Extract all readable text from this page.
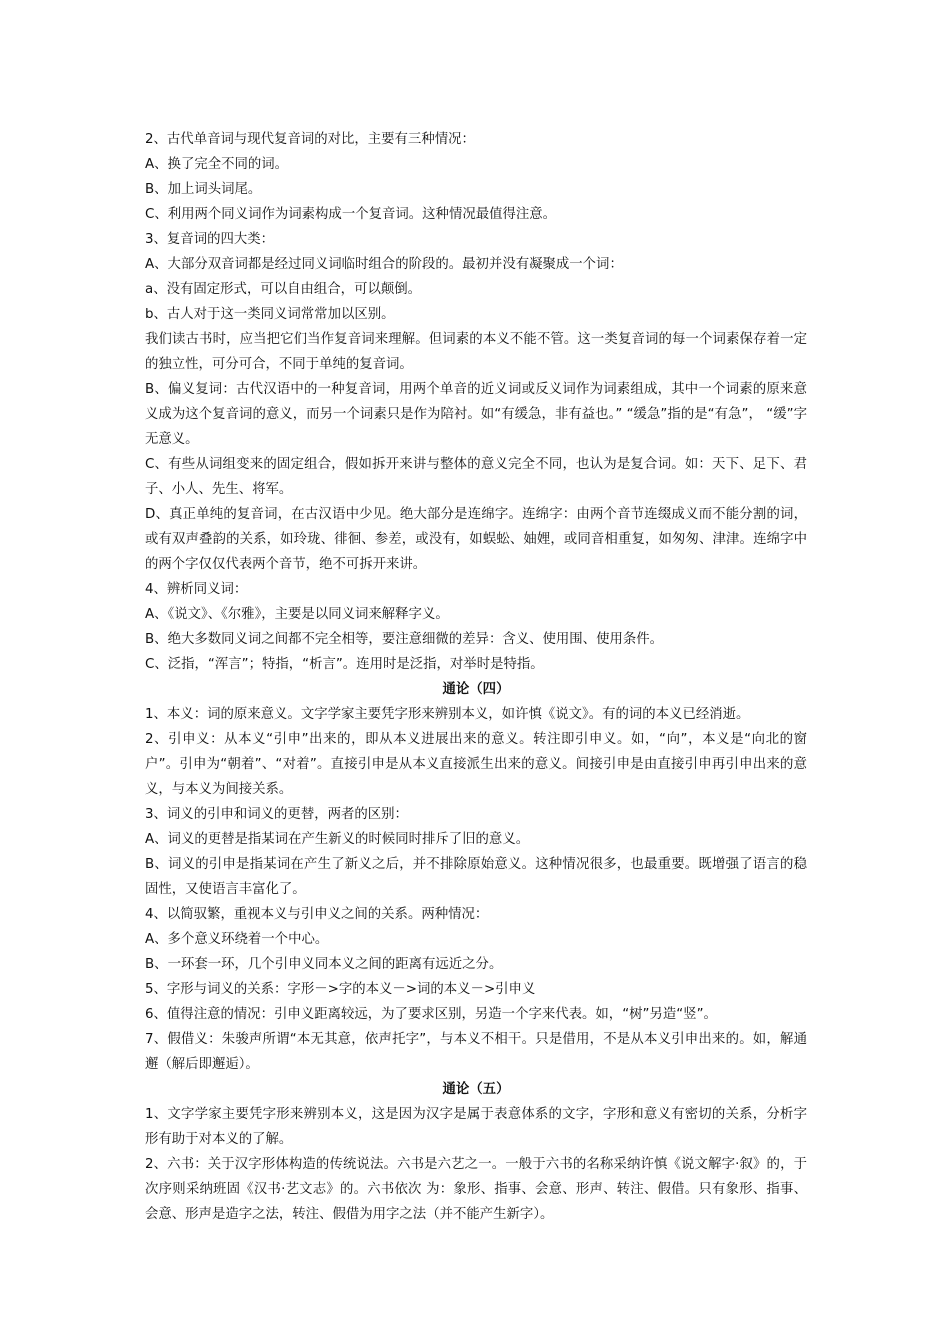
2、古代单音词与现代复音词的对比，主要有三种情况：

A、换了完全不同的词。

B、加上词头词尾。

C、利用两个同义词作为词素构成一个复音词。这种情况最值得注意。

3、复音词的四大类：

A、大部分双音词都是经过同义词临时组合的阶段的。最初并没有凝聚成一个词：

a、没有固定形式，可以自由组合，可以颠倒。

b、古人对于这一类同义词常常加以区别。

我们读古书时，应当把它们当作复音词来理解。但词素的本义不能不管。这一类复音词的每一个词素保存着一定的独立性，可分可合，不同于单纯的复音词。

B、偏义复词：古代汉语中的一种复音词，用两个单音的近义词或反义词作为词素组成，其中一个词素的原来意义成为这个复音词的意义，而另一个词素只是作为陪衬。如“有缓急，非有益也。” “缓急”指的是“有急”， “缓”字无意义。

C、有些从词组变来的固定组合，假如拆开来讲与整体的意义完全不同，也认为是复合词。如：天下、足下、君子、小人、先生、将军。

D、真正单纯的复音词，在古汉语中少见。绝大部分是连绵字。连绵字：由两个音节连缀成义而不能分割的词，或有双声叠韵的关系，如玲珑、徘徊、参差，或没有，如蜈蚣、妯娌，或同音相重复，如匆匆、津津。连绵字中的两个字仅仅代表两个音节，绝不可拆开来讲。

4、辨析同义词：

A、《说文》、《尔雅》，主要是以同义词来解释字义。

B、绝大多数同义词之间都不完全相等，要注意细微的差异：含义、使用围、使用条件。

C、泛指，“浑言”；特指，“析言”。连用时是泛指，对举时是特指。

通论（四）

1、本义：词的原来意义。文字学家主要凭字形来辨别本义，如许慎《说文》。有的词的本义已经消逝。

2、引申义：从本义“引申”出来的，即从本义进展出来的意义。转注即引申义。如，“向”，本义是“向北的窗户”。引申为“朝着”、“对着”。直接引申是从本义直接派生出来的意义。间接引申是由直接引申再引申出来的意义，与本义为间接关系。

3、词义的引申和词义的更替，两者的区别：

A、词义的更替是指某词在产生新义的时候同时排斥了旧的意义。

B、词义的引申是指某词在产生了新义之后，并不排除原始意义。这种情况很多，也最重要。既增强了语言的稳固性，又使语言丰富化了。

4、以简驭繁，重视本义与引申义之间的关系。两种情况：

A、多个意义环绕着一个中心。

B、一环套一环，几个引申义同本义之间的距离有远近之分。

5、字形与词义的关系：字形－>字的本义－>词的本义－>引申义

6、值得注意的情况：引申义距离较远，为了要求区别，另造一个字来代表。如，“树”另造“竖”。

7、假借义：朱骏声所谓“本无其意，依声托字”，与本义不相干。只是借用，不是从本义引申出来的。如，解通邂（解后即邂逅）。

通论（五）

1、文字学家主要凭字形来辨别本义，这是因为汉字是属于表意体系的文字，字形和意义有密切的关系，分析字形有助于对本义的了解。

2、六书：关于汉字形体构造的传统说法。六书是六艺之一。一般于六书的名称采纳许慎《说文解字·叙》的，于次序则采纳班固《汉书·艺文志》的。六书依次 为：象形、指事、会意、形声、转注、假借。只有象形、指事、会意、形声是造字之法，转注、假借为用字之法（并不能产生新字）。
